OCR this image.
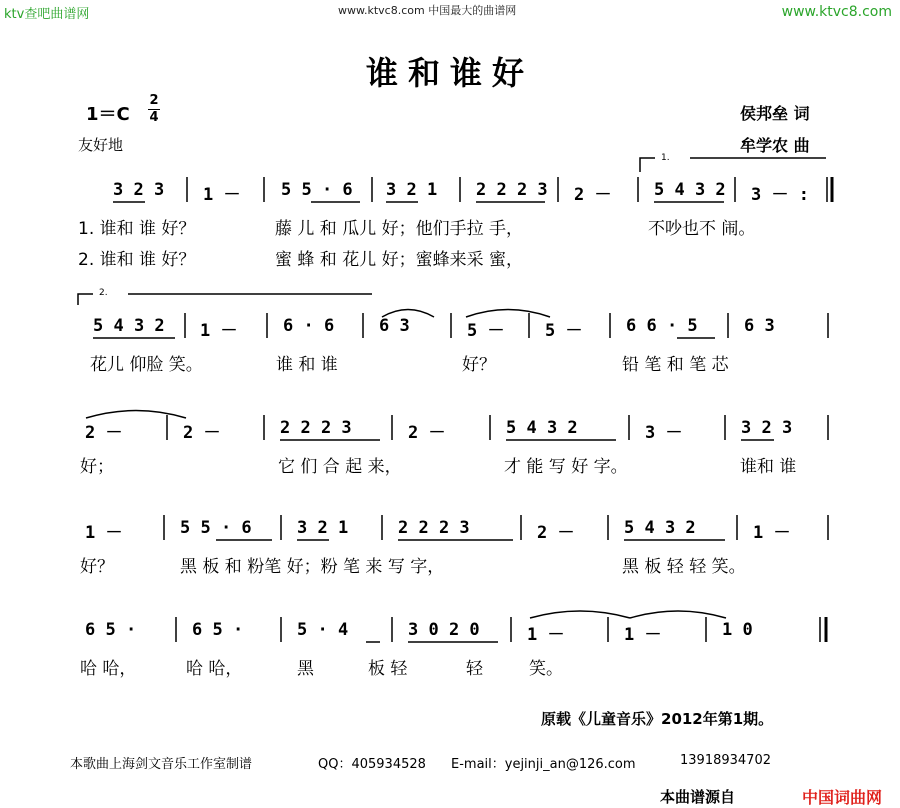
ktv查吧曲谱网	www.ktvc8.com 中国最大的曲谱网	www.ktvc8.com
谁和谁好
1＝C
2
4
友好地
侯邦垒 词
牟学农 曲
1.
2.
3 2 3 1 － 5 5 · 6 3 2 1 2 2 2 3 2 －	5 4 3 2 3 － :
1. 谁和 谁 好？	藤 儿 和 瓜儿 好；他们手拉 手，	不吵也不 闹。
2. 谁和 谁 好？	蜜 蜂 和 花儿 好；蜜蜂来采 蜜，
5 4 3 2 1 －	6 · 6	6 3	5 － 5 －	6 6 · 5	6 3
花儿 仰脸 笑。	谁 和 谁	好？	铅 笔 和 笔 芯
2 －	2 －	2 2 2 3	2 －	5 4 3 2	3 －	3 2 3
好；	它 们 合 起 来，	才 能 写 好 字。	谁和 谁
1 －	5 5 · 6	3 2 1	2 2 2 3	2 －	5 4 3 2	1 －
好？	黑 板 和 粉笔 好；粉 笔 来 写 字，	黑 板 轻 轻 笑。
6 5 ·	6 5 ·	5 · 4	3 0 2 0	1 －	1 －	1 0
哈 哈，	哈 哈，	黑	板 轻	轻	笑。
原载《儿童音乐》2012年第1期。
本歌曲上海剑文音乐工作室制谱	QQ：405934528 E-mail：yejinji_an@126.com	13918934702
本曲谱源自	中国词曲网
